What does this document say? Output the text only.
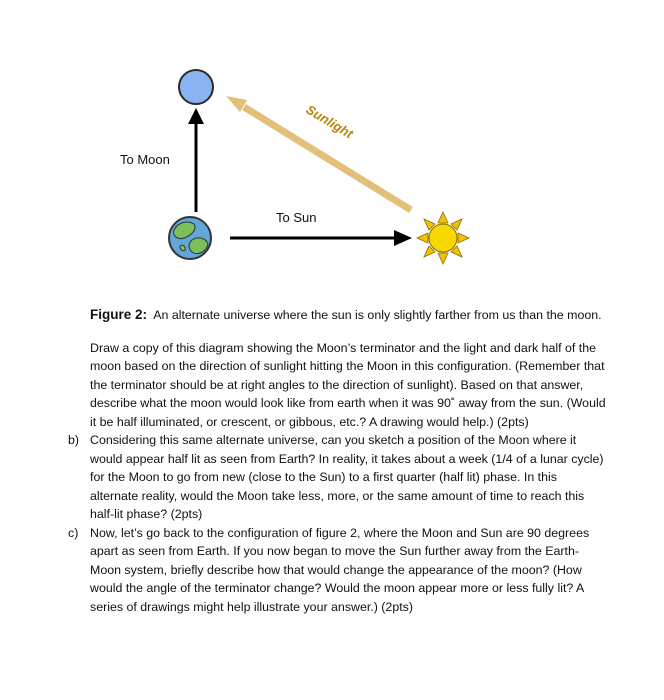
To Moon
Sunlight
To Sun

Figure 2: An alternate universe where the sun is only slightly farther from us than the moon.

Draw a copy of this diagram showing the Moon’s terminator and the light and dark half of the moon based on the direction of sunlight hitting the Moon in this configuration. (Remember that the terminator should be at right angles to the direction of sunlight). Based on that answer, describe what the moon would look like from earth when it was 90˚ away from the sun. (Would it be half illuminated, or crescent, or gibbous, etc.? A drawing would help.) (2pts)

b) Considering this same alternate universe, can you sketch a position of the Moon where it would appear half lit as seen from Earth? In reality, it takes about a week (1/4 of a lunar cycle) for the Moon to go from new (close to the Sun) to a first quarter (half lit) phase. In this alternate reality, would the Moon take less, more, or the same amount of time to reach this half-lit phase? (2pts)
c) Now, let’s go back to the configuration of figure 2, where the Moon and Sun are 90 degrees apart as seen from Earth. If you now began to move the Sun further away from the Earth-Moon system, briefly describe how that would change the appearance of the moon? (How would the angle of the terminator change? Would the moon appear more or less fully lit? A series of drawings might help illustrate your answer.) (2pts)
